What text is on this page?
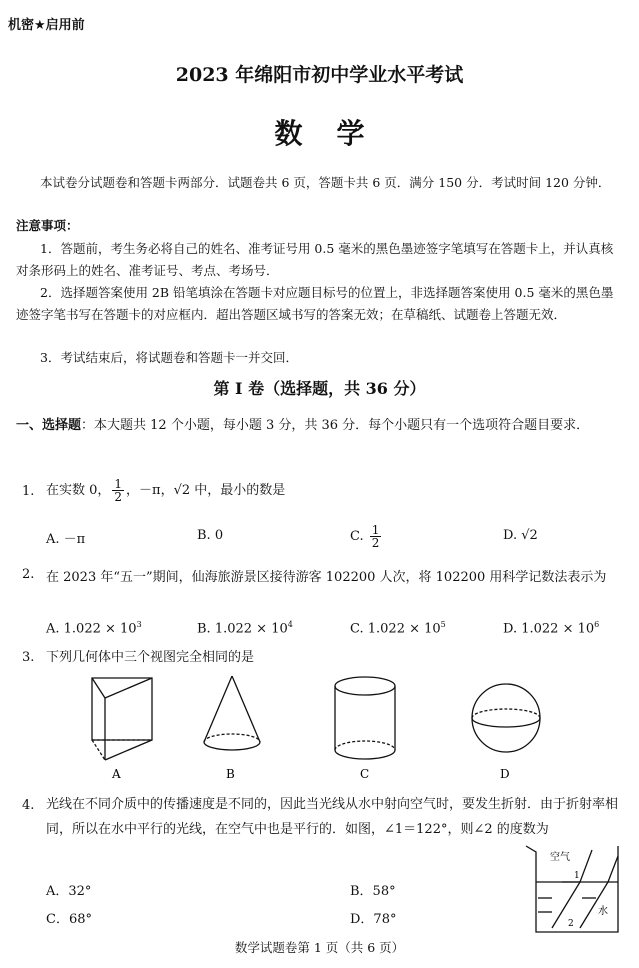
机密★启用前
2023 年绵阳市初中学业水平考试
数学
本试卷分试题卷和答题卡两部分．试题卷共 6 页，答题卡共 6 页．满分 150 分．考试时间 120 分钟．
注意事项：
1．答题前，考生务必将自己的姓名、准考证号用 0.5 毫米的黑色墨迹签字笔填写在答题卡上，并认真核对条形码上的姓名、准考证号、考点、考场号．
2．选择题答案使用 2B 铅笔填涂在答题卡对应题目标号的位置上，非选择题答案使用 0.5 毫米的黑色墨迹签字笔书写在答题卡的对应框内．超出答题区域书写的答案无效；在草稿纸、试题卷上答题无效．
3．考试结束后，将试题卷和答题卡一并交回．
第 I 卷（选择题，共 36 分）
一、选择题：本大题共 12 个小题，每小题 3 分，共 36 分．每个小题只有一个选项符合题目要求．
1. 在实数 0， $\frac{1}{2}$ ，－π，√2 中，最小的数是
A. －π	B. 0	C. $\frac{1}{2}$	D. √2
2. 在 2023 年“五一”期间，仙海旅游景区接待游客 102200 人次，将 102200 用科学记数法表示为
A. $1.022 \times 10^3$	B. $1.022 \times 10^4$	C. $1.022 \times 10^5$	D. $1.022 \times 10^6$
3. 下列几何体中三个视图完全相同的是
A	B	C	D
4. 光线在不同介质中的传播速度是不同的，因此当光线从水中射向空气时，要发生折射．由于折射率相同，所以在水中平行的光线，在空气中也是平行的．如图，∠1＝122°，则∠2 的度数为
A．32°	B．58°
C．68°	D．78°
空气
水
1
2
数学试题卷第 1 页（共 6 页）
